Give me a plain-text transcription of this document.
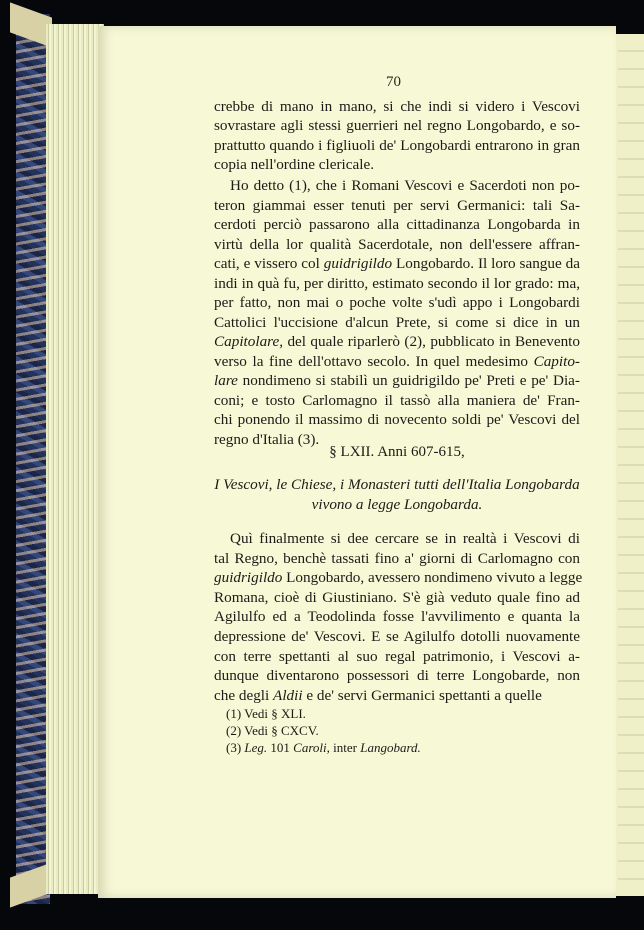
70
crebbe di mano in mano, si che indi si videro i Vescovi
sovrastare agli stessi guerrieri nel regno Longobardo, e so-
prattutto quando i figliuoli de' Longobardi entrarono in gran
copia nell'ordine clericale.
Ho detto (1), che i Romani Vescovi e Sacerdoti non po-
teron giammai esser tenuti per servi Germanici: tali Sa-
cerdoti perciò passarono alla cittadinanza Longobarda in
virtù della lor qualità Sacerdotale, non dell'essere affran-
cati, e vissero col guidrigildo Longobardo. Il loro sangue da
indi in quà fu, per diritto, estimato secondo il lor grado: ma,
per fatto, non mai o poche volte s'udì appo i Longobardi
Cattolici l'uccisione d'alcun Prete, si come si dice in un
Capitolare, del quale riparlerò (2), pubblicato in Benevento
verso la fine dell'ottavo secolo. In quel medesimo Capito-
lare nondimeno si stabilì un guidrigildo pe' Preti e pe' Dia-
coni; e tosto Carlomagno il tassò alla maniera de' Fran-
chi ponendo il massimo di novecento soldi pe' Vescovi del
regno d'Italia (3).
§ LXII. Anni 607-615,
I Vescovi, le Chiese, i Monasteri tutti dell'Italia Longobarda
vivono a legge Longobarda.
Quì finalmente si dee cercare se in realtà i Vescovi di
tal Regno, benchè tassati fino a' giorni di Carlomagno con
guidrigildo Longobardo, avessero nondimeno vivuto a legge
Romana, cioè di Giustiniano. S'è già veduto quale fino ad
Agilulfo ed a Teodolinda fosse l'avvilimento e quanta la
depressione de' Vescovi. E se Agilulfo dotolli nuovamente
con terre spettanti al suo regal patrimonio, i Vescovi a-
dunque diventarono possessori di terre Longobarde, non
che degli Aldii e de' servi Germanici spettanti a quelle
(1) Vedi § XLI.
(2) Vedi § CXCV.
(3) Leg. 101 Caroli, inter Langobard.
